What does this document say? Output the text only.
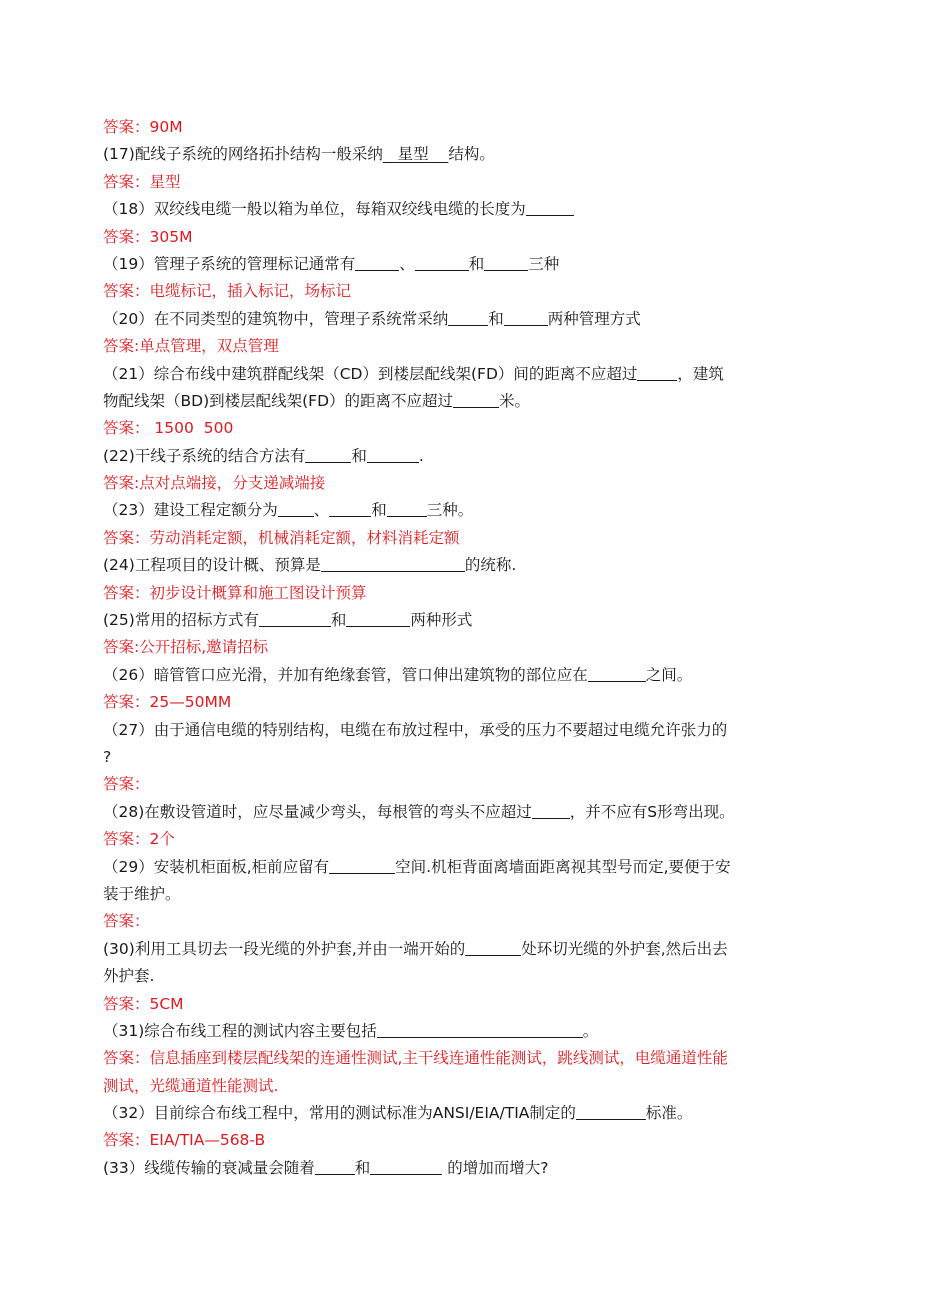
答案：90M
(17)配线子系统的网络拓扑结构一般采纳 星型 结构。
答案：星型
（18）双绞线电缆一般以箱为单位，每箱双绞线电缆的长度为
答案：305M
（19）管理子系统的管理标记通常有	、	和	三种
答案：电缆标记，插入标记，场标记
（20）在不同类型的建筑物中，管理子系统常采纳	和	两种管理方式
答案:单点管理，双点管理
（21）综合布线中建筑群配线架（CD）到楼层配线架(FD）间的距离不应超过	，建筑
物配线架（BD)到楼层配线架(FD）的距离不应超过	米。
答案： 1500  500
(22)干线子系统的结合方法有	和	.
答案:点对点端接，分支递减端接
（23）建设工程定额分为 、	和	三种。
答案：劳动消耗定额，机械消耗定额，材料消耗定额
(24)工程项目的设计概、预算是	的统称.
答案：初步设计概算和施工图设计预算
(25)常用的招标方式有	和	两种形式
答案:公开招标,邀请招标
（26）暗管管口应光滑，并加有绝缘套管，管口伸出建筑物的部位应在	之间。
答案：25—50MM
（27）由于通信电缆的特别结构，电缆在布放过程中，承受的压力不要超过电缆允许张力的
?
答案：
（28)在敷设管道时，应尽量减少弯头，每根管的弯头不应超过 ，并不应有S形弯出现。
答案：2个
（29）安装机柜面板,柜前应留有	空间.机柜背面离墙面距离视其型号而定,要便于安
装于维护。
答案：
(30)利用工具切去一段光缆的外护套,并由一端开始的	处环切光缆的外护套,然后出去
外护套.
答案：5CM
（31)综合布线工程的测试内容主要包括	。
答案：信息插座到楼层配线架的连通性测试,主干线连通性能测试，跳线测试，电缆通道性能
测试，光缆通道性能测试.
（32）目前综合布线工程中，常用的测试标准为ANSI/EIA/TIA制定的	标准。
答案：EIA/TIA—568-B
(33）线缆传输的衰减量会随着	和	的增加而增大?
